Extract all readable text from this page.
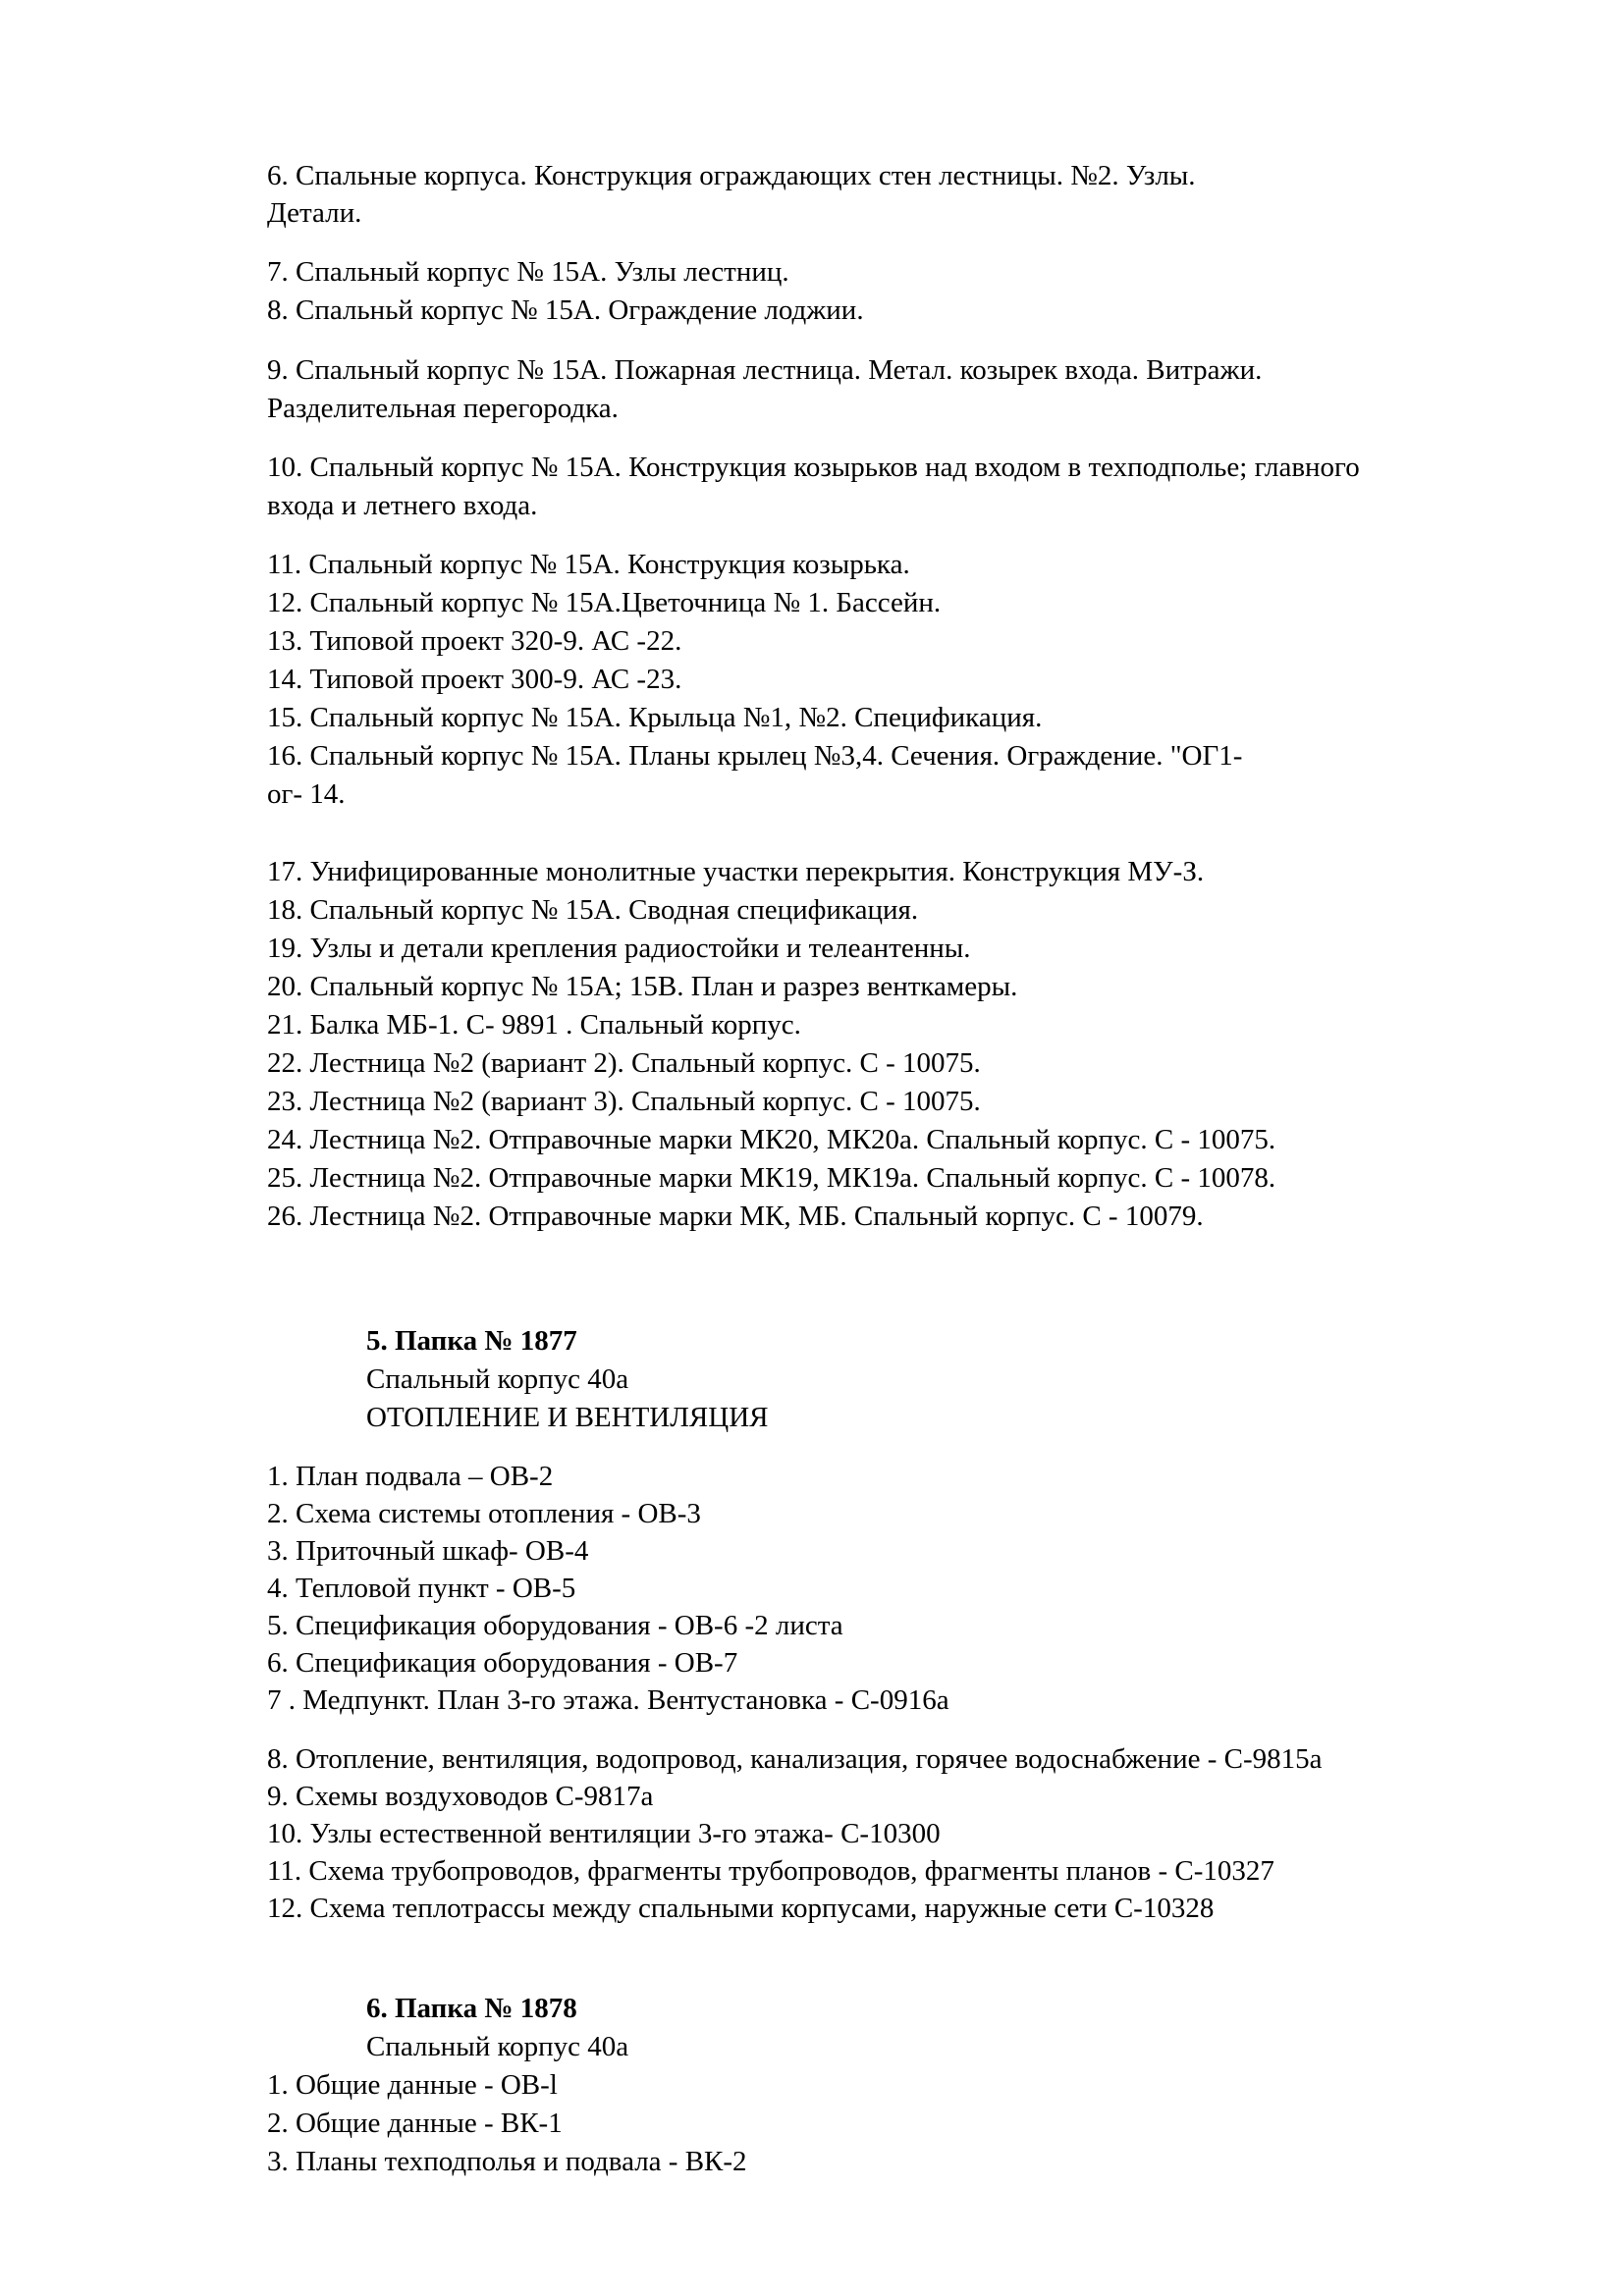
6. Спальные корпуса. Конструкция ограждающих стен лестницы. №2. Узлы.
Детали.
7. Спальный корпус № 15А. Узлы лестниц.
8. Спальньй корпус № 15А. Ограждение лоджии.
9. Спальный корпус № 15А. Пожарная лестница. Метал. козырек входа. Витражи.
Разделительная перегородка.
10. Спальный корпус № 15А. Конструкция козырьков над входом в техподполье; главного
входа и летнего входа.
11. Спальный корпус № 15А. Конструкция козырька.
12. Спальный корпус № 15А.Цветочница № 1. Бассейн.
13. Типовой проект 320-9. АС -22.
14. Типовой проект 300-9. АС -23.
15. Спальный корпус № 15А. Крыльца №1, №2. Спецификация.
16. Спальный корпус № 15А. Планы крылец №3,4. Сечения. Ограждение. "ОГ1-
ог- 14.
17. Унифицированные монолитные участки перекрытия. Конструкция МУ-З.
18. Спальный корпус № 15А. Сводная спецификация.
19. Узлы и детали крепления радиостойки и телеантенны.
20. Спальный корпус № 15А; 15В. План и разрез венткамеры.
21. Балка МБ-1. С- 9891 . Спальный корпус.
22. Лестница №2 (вариант 2). Спальный корпус. С - 10075.
23. Лестница №2 (вариант 3). Спальный корпус. С - 10075.
24. Лестница №2. Отправочные марки МК20, МК20а. Спальный корпус. С - 10075.
25. Лестница №2. Отправочные марки МК19, МК19а. Спальный корпус. С - 10078.
26. Лестница №2. Отправочные марки МК, МБ. Спальный корпус. С - 10079.
5. Папка № 1877
Спальный корпус 40а
ОТОПЛЕНИЕ И ВЕНТИЛЯЦИЯ
1. План подвала – ОВ-2
2. Схема системы отопления - ОВ-3
3. Приточный шкаф- ОВ-4
4. Тепловой пункт - ОВ-5
5. Спецификация оборудования - ОВ-6 -2 листа
6. Спецификация оборудования - ОВ-7
7 . Медпункт. План 3-го этажа. Вентустановка - С-0916а
8. Отопление, вентиляция, водопровод, канализация, горячее водоснабжение - С-9815а
9. Схемы воздуховодов С-9817а
10. Узлы естественной вентиляции 3-го этажа- С-10300
11. Схема трубопроводов, фрагменты трубопроводов, фрагменты планов - С-10327
12. Схема теплотрассы между спальными корпусами, наружные сети С-10328
6. Папка № 1878
Спальный корпус 40а
1. Общие данные - ОВ-l
2. Общие данные - ВК-1
3. Планы техподполья и подвала - ВК-2
